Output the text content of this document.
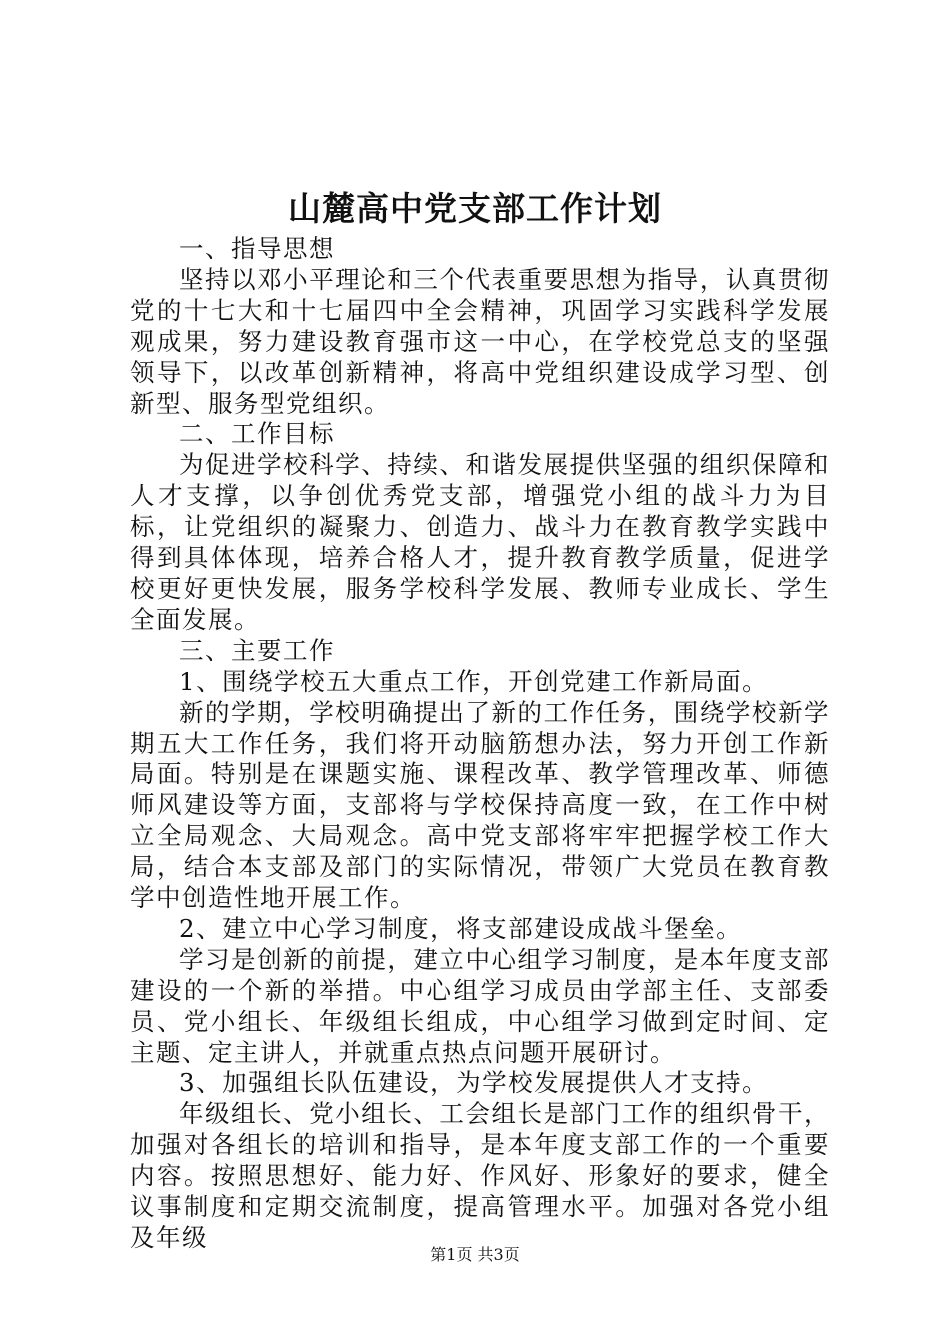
山麓高中党支部工作计划

一、指导思想

坚持以邓小平理论和三个代表重要思想为指导，认真贯彻党的十七大和十七届四中全会精神，巩固学习实践科学发展观成果，努力建设教育强市这一中心，在学校党总支的坚强领导下，以改革创新精神，将高中党组织建设成学习型、创新型、服务型党组织。

二、工作目标

为促进学校科学、持续、和谐发展提供坚强的组织保障和人才支撑，以争创优秀党支部，增强党小组的战斗力为目标，让党组织的凝聚力、创造力、战斗力在教育教学实践中得到具体体现，培养合格人才，提升教育教学质量，促进学校更好更快发展，服务学校科学发展、教师专业成长、学生全面发展。

三、主要工作

1、围绕学校五大重点工作，开创党建工作新局面。

新的学期，学校明确提出了新的工作任务，围绕学校新学期五大工作任务，我们将开动脑筋想办法，努力开创工作新局面。特别是在课题实施、课程改革、教学管理改革、师德师风建设等方面，支部将与学校保持高度一致，在工作中树立全局观念、大局观念。高中党支部将牢牢把握学校工作大局，结合本支部及部门的实际情况，带领广大党员在教育教学中创造性地开展工作。

2、建立中心学习制度，将支部建设成战斗堡垒。

学习是创新的前提，建立中心组学习制度，是本年度支部建设的一个新的举措。中心组学习成员由学部主任、支部委员、党小组长、年级组长组成，中心组学习做到定时间、定主题、定主讲人，并就重点热点问题开展研讨。

3、加强组长队伍建设，为学校发展提供人才支持。

年级组长、党小组长、工会组长是部门工作的组织骨干，加强对各组长的培训和指导，是本年度支部工作的一个重要内容。按照思想好、能力好、作风好、形象好的要求，健全议事制度和定期交流制度，提高管理水平。加强对各党小组及年级

第1页 共3页
